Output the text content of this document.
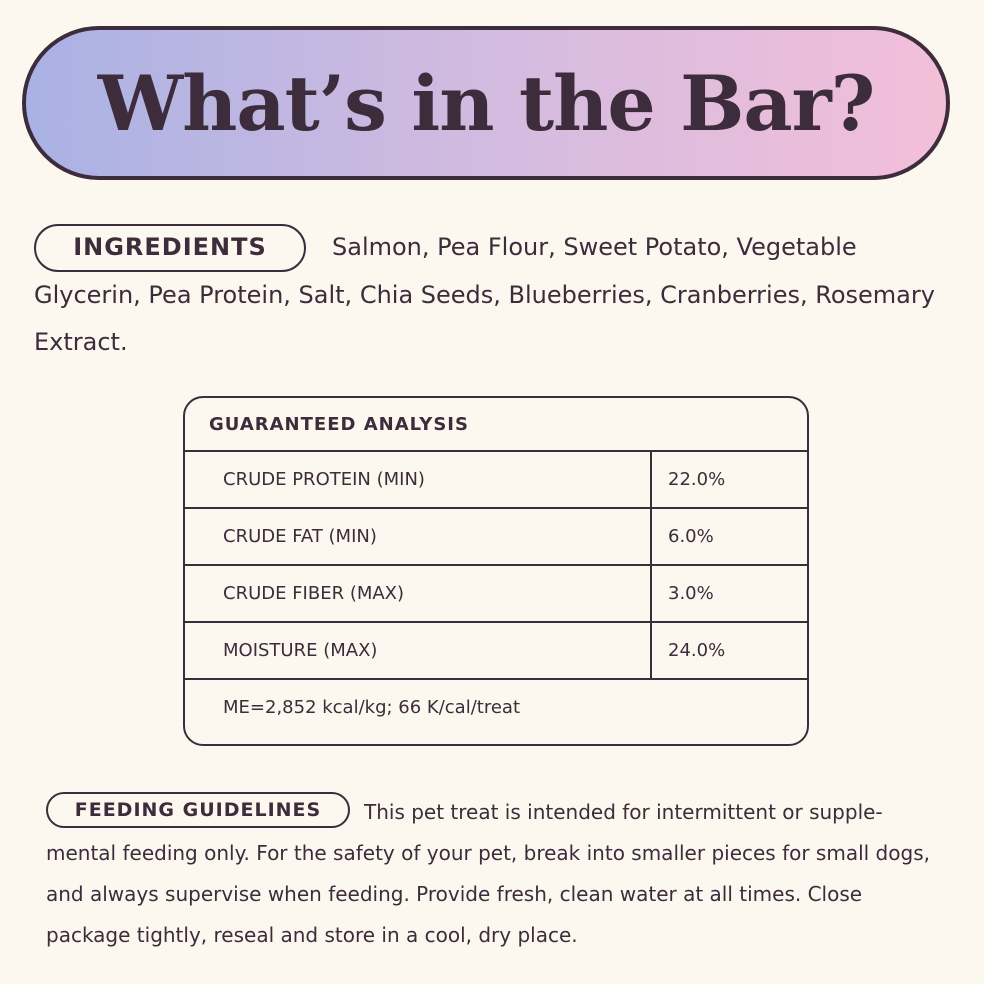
What’s in the Bar?
INGREDIENTS	Salmon, Pea Flour, Sweet Potato, Vegetable Glycerin, Pea Protein, Salt, Chia Seeds, Blueberries, Cranberries, Rosemary Extract.
GUARANTEED ANALYSIS
CRUDE PROTEIN (MIN)	22.0%
CRUDE FAT (MIN)	6.0%
CRUDE FIBER (MAX)	3.0%
MOISTURE (MAX)	24.0%
ME=2,852 kcal/kg; 66 K/cal/treat
FEEDING GUIDELINES This pet treat is intended for intermittent or supple-mental feeding only. For the safety of your pet, break into smaller pieces for small dogs, and always supervise when feeding. Provide fresh, clean water at all times. Close package tightly, reseal and store in a cool, dry place.
